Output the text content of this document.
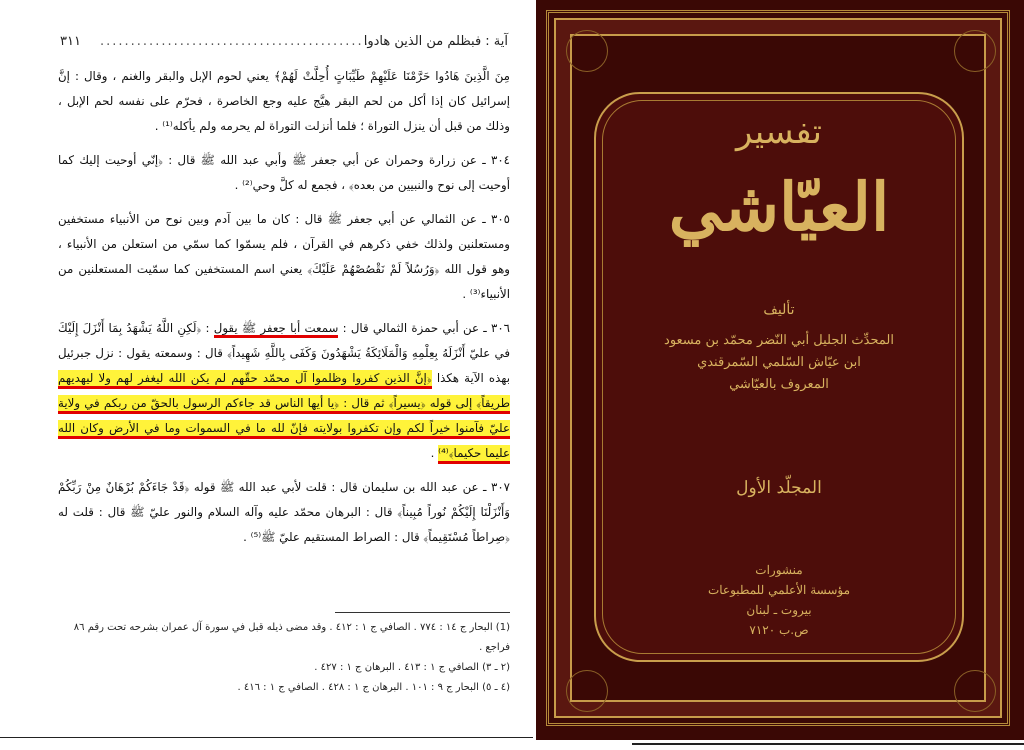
٣١١ .............................................
آية : فبظلم من الذين هادوا

مِنَ الَّذِينَ هَادُوا حَرَّمْنَا عَلَيْهِمْ طَيِّبَاتٍ أُحِلَّتْ لَهُمْ﴾ يعني لحوم الإبل والبقر والغنم ، وقال : إنَّ إسرائيل كان إذا أكل من لحم البقر هيَّج عليه وجع الخاصرة ، فحرّم على نفسه لحم الإبل ، وذلك من قبل أن ينزل التوراة ؛ فلما أنزلت التوراة لم يحرمه ولم يأكله⁽¹⁾ .

٣٠٤ ـ عن زرارة وحمران عن أبي جعفر ﷺ وأبي عبد الله ﷺ قال : ﴿إنّي أوحيت إليك كما أوحيت إلى نوح والنبيين من بعده﴾ ، فجمع له كلَّ وحي⁽²⁾ .

٣٠٥ ـ عن الثمالي عن أبي جعفر ﷺ قال : كان ما بين آدم وبين نوح من الأنبياء مستخفين ومستعلنين ولذلك خفي ذكرهم في القرآن ، فلم يسمّوا كما سمّي من استعلن من الأنبياء ، وهو قول الله ﴿وَرُسُلاً لَمْ نَقْصُصْهُمْ عَلَيْكَ﴾ يعني اسم المستخفين كما سمّيت المستعلنين من الأنبياء⁽³⁾ .

٣٠٦ ـ عن أبي حمزة الثمالي قال : سمعت أبا جعفر ﷺ يقول : ﴿لَكِنِ اللَّهُ يَشْهَدُ بِمَا أَنْزَلَ إِلَيْكَ في عليّ أَنْزَلَهُ بِعِلْمِهِ وَالْمَلَائِكَةُ يَشْهَدُونَ وَكَفَى بِاللَّهِ شَهِيداً﴾ قال : وسمعته يقول : نزل جبرئيل بهذه الآية هكذا ﴿إنَّ الذين كفروا وظلموا آل محمّد حقّهم لم يكن الله ليغفر لهم ولا ليهديهم طريقاً﴾ إلى قوله ﴿يسيراً﴾ ثم قال : ﴿يا أيها الناس قد جاءكم الرسول بالحقّ من ربكم في ولاية عليّ فآمنوا خيراً لكم وإن تكفروا بولايته فإنّ لله ما في السموات وما في الأرض وكان الله عليما حكيما﴾⁽⁴⁾ .

٣٠٧ ـ عن عبد الله بن سليمان قال : قلت لأبي عبد الله ﷺ قوله ﴿قَدْ جَاءَكُمْ بُرْهَانٌ مِنْ رَبِّكُمْ وَأَنْزَلْنَا إِلَيْكُمْ نُوراً مُبِيناً﴾ قال : البرهان محمّد عليه وآله السلام والنور عليّ ﷺ قال : قلت له ﴿صِراطاً مُسْتَقِيماً﴾ قال : الصراط المستقيم عليّ ﷺ⁽⁵⁾ .

(1) البحار ج ١٤ : ٧٧٤ . الصافي ج ١ : ٤١٢ . وقد مضى ذيله قبل في سورة آل عمران بشرحه تحت رقم ٨٦ فراجع .

(٢ ـ ٣) الصافي ج ١ : ٤١٣ . البرهان ج ١ : ٤٢٧ .

(٤ ـ ٥) البحار ج ٩ : ١٠١ . البرهان ج ١ : ٤٢٨ . الصافي ج ١ : ٤١٦ .

تفسير
العيّاشي
تأليف
المحدِّث الجليل أبي النّضر محمّد بن مسعود
ابن عيّاش السّلمي السّمرقندي
المعروف بالعيّاشي
المجلّد الأول
منشورات
مؤسسة الأعلمي للمطبوعات
بيروت ـ لبنان
ص.ب ٧١٢٠
